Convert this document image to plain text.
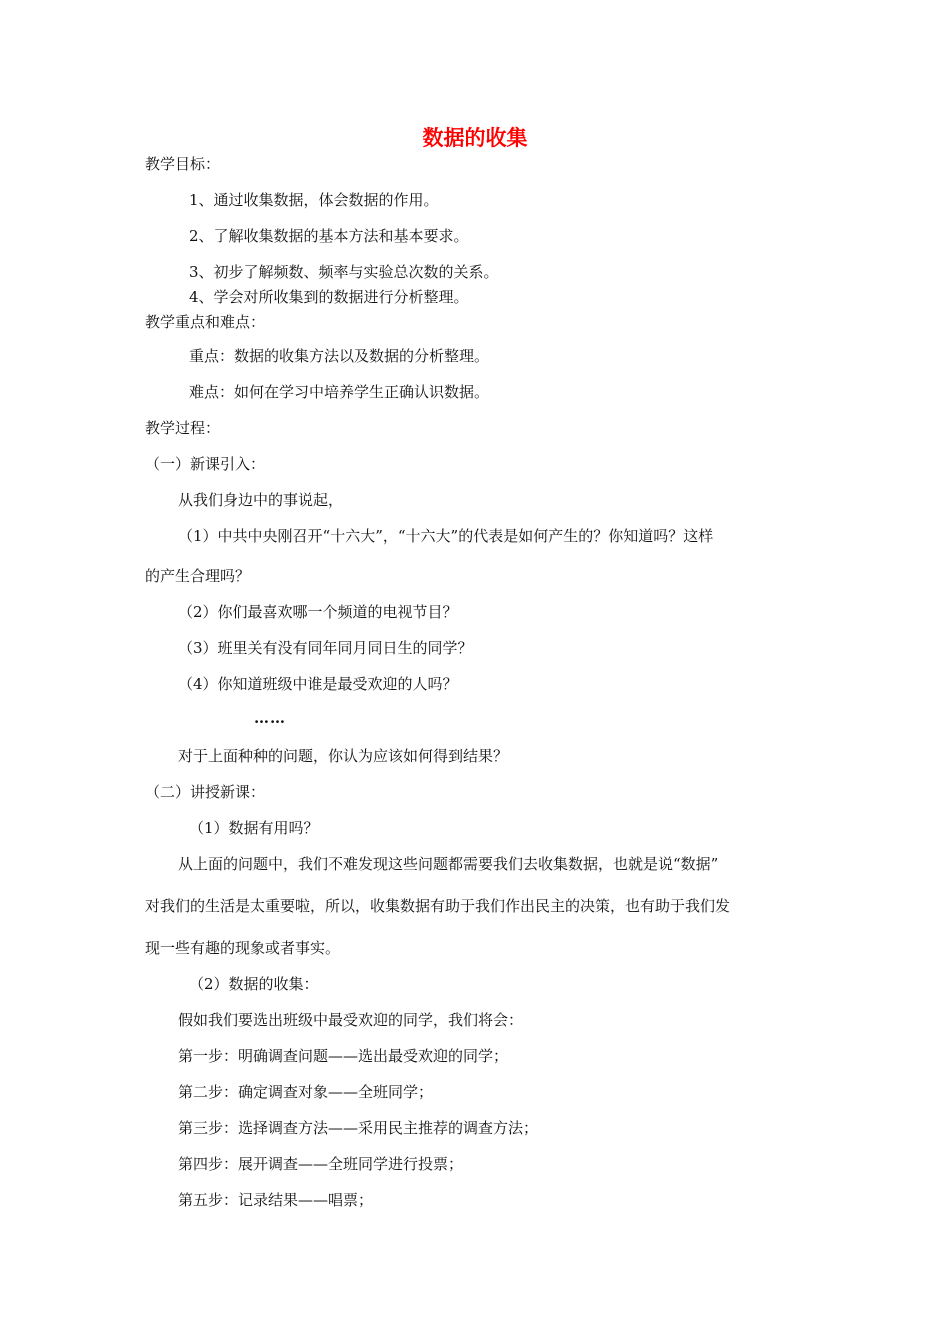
数据的收集
教学目标：
1、通过收集数据，体会数据的作用。
2、了解收集数据的基本方法和基本要求。
3、初步了解频数、频率与实验总次数的关系。
4、学会对所收集到的数据进行分析整理。
教学重点和难点：
重点：数据的收集方法以及数据的分析整理。
难点：如何在学习中培养学生正确认识数据。
教学过程：
（一）新课引入：
从我们身边中的事说起，
（1）中共中央刚召开“十六大”，“十六大”的代表是如何产生的？你知道吗？这样
的产生合理吗？
（2）你们最喜欢哪一个频道的电视节目？
（3）班里关有没有同年同月同日生的同学？
（4）你知道班级中谁是最受欢迎的人吗？
……
对于上面种种的问题，你认为应该如何得到结果？
（二）讲授新课：
（1）数据有用吗？
从上面的问题中，我们不难发现这些问题都需要我们去收集数据，也就是说“数据”
对我们的生活是太重要啦，所以，收集数据有助于我们作出民主的决策，也有助于我们发
现一些有趣的现象或者事实。
（2）数据的收集：
假如我们要选出班级中最受欢迎的同学，我们将会：
第一步：明确调查问题——选出最受欢迎的同学；
第二步：确定调查对象——全班同学；
第三步：选择调查方法——采用民主推荐的调查方法；
第四步：展开调查——全班同学进行投票；
第五步：记录结果——唱票；
